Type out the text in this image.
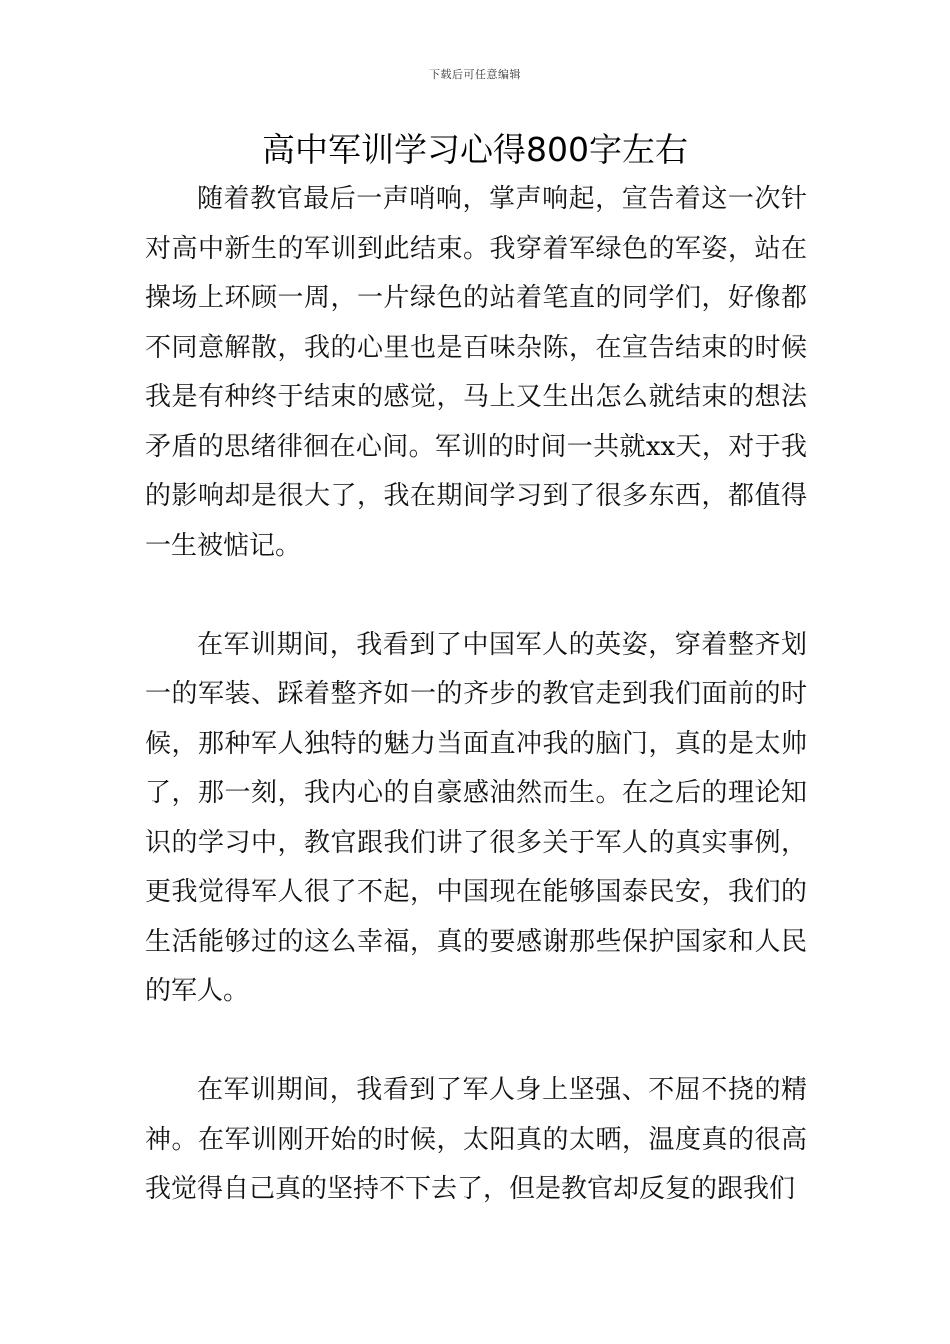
下载后可任意编辑
高中军训学习心得800字左右

随着教官最后一声哨响，掌声响起，宣告着这一次针对高中新生的军训到此结束。我穿着军绿色的军姿，站在操场上环顾一周，一片绿色的站着笔直的同学们，好像都不同意解散，我的心里也是百味杂陈，在宣告结束的时候我是有种终于结束的感觉，马上又生出怎么就结束的想法矛盾的思绪徘徊在心间。军训的时间一共就xx天，对于我的影响却是很大了，我在期间学习到了很多东西，都值得一生被惦记。

在军训期间，我看到了中国军人的英姿，穿着整齐划一的军装、踩着整齐如一的齐步的教官走到我们面前的时候，那种军人独特的魅力当面直冲我的脑门，真的是太帅了，那一刻，我内心的自豪感油然而生。在之后的理论知识的学习中，教官跟我们讲了很多关于军人的真实事例，更我觉得军人很了不起，中国现在能够国泰民安，我们的生活能够过的这么幸福，真的要感谢那些保护国家和人民的军人。

在军训期间，我看到了军人身上坚强、不屈不挠的精神。在军训刚开始的时候，太阳真的太晒，温度真的很高我觉得自己真的坚持不下去了，但是教官却反复的跟我们
